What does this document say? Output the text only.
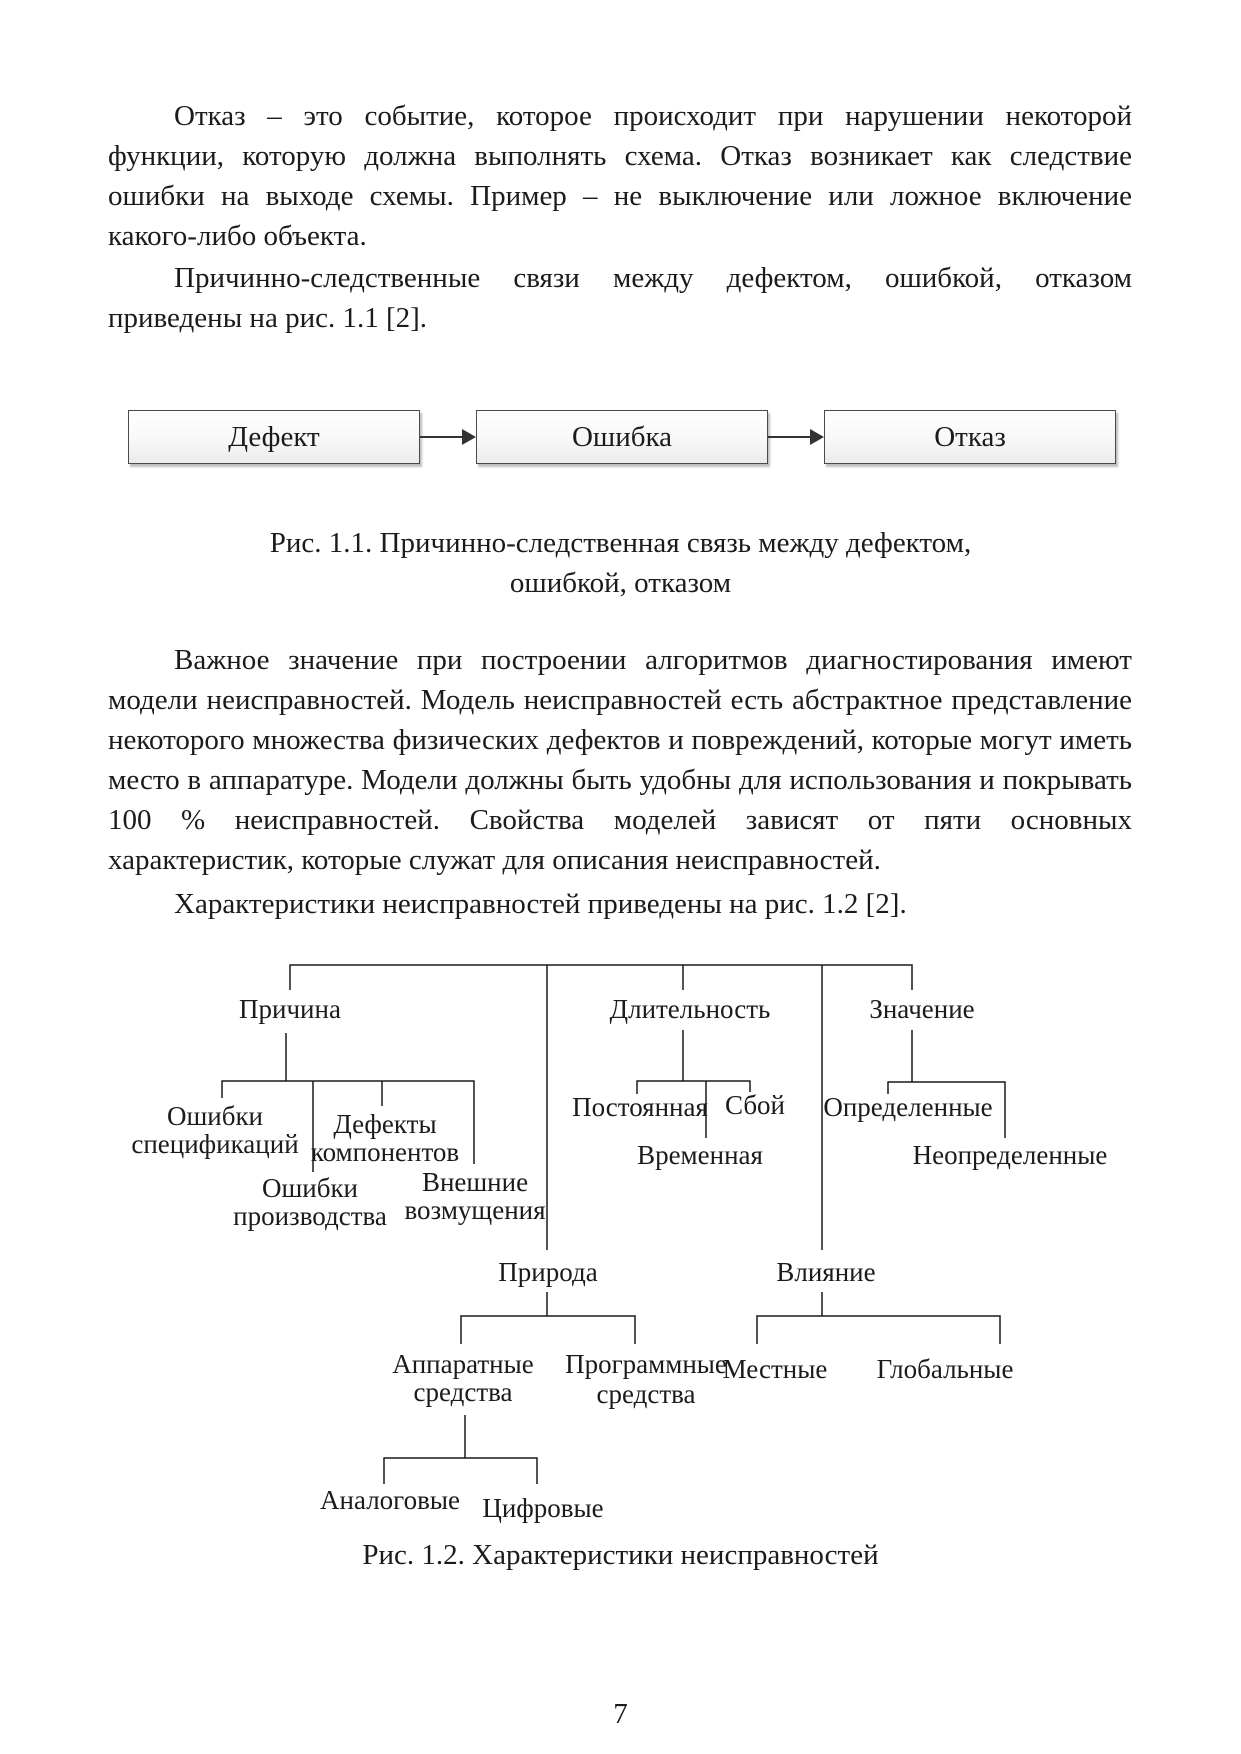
Отказ – это событие, которое происходит при нарушении некоторой функции, которую должна выполнять схема. Отказ возникает как следствие ошибки на выходе схемы. Пример – не выключение или ложное включение какого-либо объекта.

Причинно-следственные связи между дефектом, ошибкой, отказом приведены на рис. 1.1 [2].

Дефект	Ошибка	Отказ

Рис. 1.1. Причинно-следственная связь между дефектом,

ошибкой, отказом

Важное значение при построении алгоритмов диагностирования имеют модели неисправностей. Модель неисправностей есть абстрактное представление некоторого множества физических дефектов и повреждений, которые могут иметь место в аппаратуре. Модели должны быть удобны для использования и покрывать 100 % неисправностей. Свойства моделей зависят от пяти основных характеристик, которые служат для описания неисправностей.

Характеристики неисправностей приведены на рис. 1.2 [2].

Причина	Длительность	Значение
Ошибки
спецификаций
Дефекты
компонентов
Ошибки
производства
Внешние
возмущения
Постоянная Сбой
Временная
Определенные
Неопределенные
Природа	Влияние
Аппаратные
средства
Программные
средства
Местные Глобальные
Аналоговые Цифровые

Рис. 1.2. Характеристики неисправностей

7
